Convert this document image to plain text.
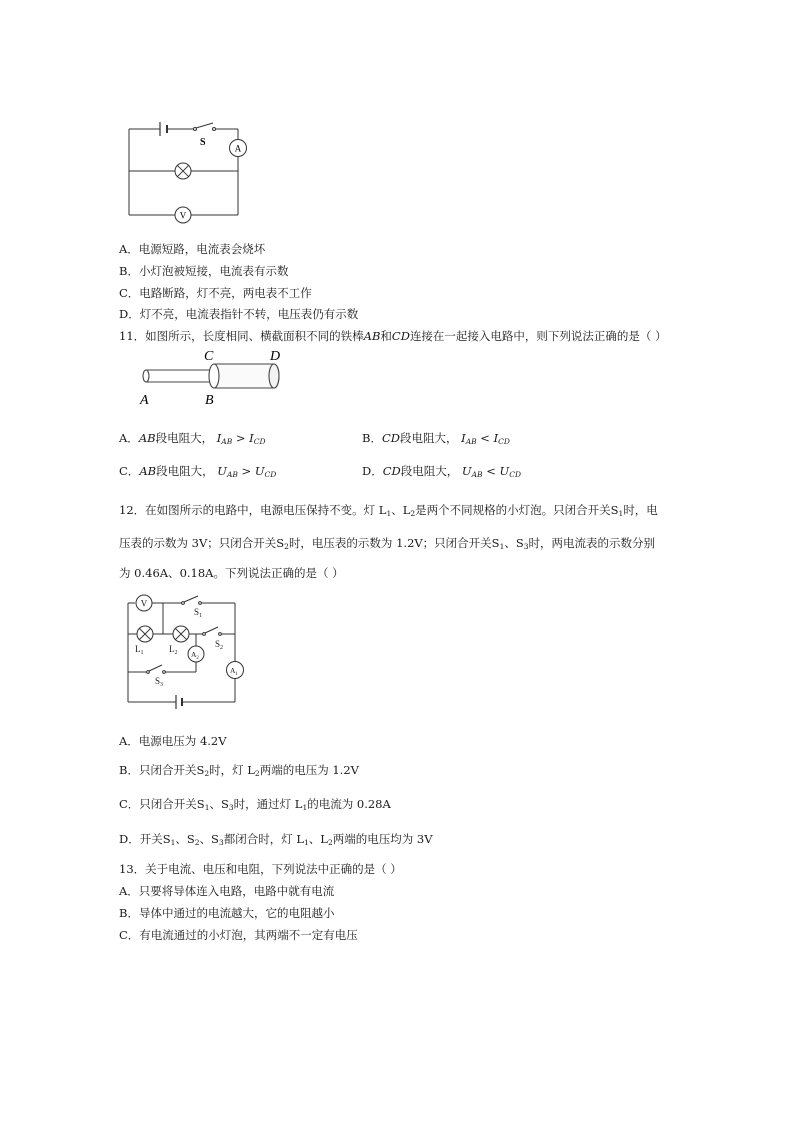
S
A
V
A．电源短路，电流表会烧坏
B．小灯泡被短接，电流表有示数
C．电路断路，灯不亮，两电表不工作
D．灯不亮，电流表指针不转，电压表仍有示数
11．如图所示，长度相同、横截面积不同的铁棒AB和CD连接在一起接入电路中，则下列说法正确的是（ ）
C	D
A	B
A．AB段电阻大， $I_{AB} > I_{CD}$	B．CD段电阻大， $I_{AB} < I_{CD}$
C．AB段电阻大， $U_{AB} > U_{CD}$	D．CD段电阻大， $U_{AB} < U_{CD}$
12．在如图所示的电路中，电源电压保持不变。灯 $L_1$、$L_2$是两个不同规格的小灯泡。只闭合开关$S_1$时，电
压表的示数为 3V；只闭合开关$S_2$时，电压表的示数为 1.2V；只闭合开关$S_1$、$S_3$时，两电流表的示数分别
为 0.46A、0.18A。下列说法正确的是（ ）
V
$S_1$
$S_2$
$S_3$
$L_1$	$L_2$ $A_2$
$A_1$
A．电源电压为 4.2V
B．只闭合开关$S_2$时，灯 $L_2$两端的电压为 1.2V
C．只闭合开关$S_1$、$S_3$时，通过灯 $L_1$的电流为 0.28A
D．开关$S_1$、$S_2$、$S_3$都闭合时，灯 $L_1$、$L_2$两端的电压均为 3V
13．关于电流、电压和电阻，下列说法中正确的是（ ）
A．只要将导体连入电路，电路中就有电流
B．导体中通过的电流越大，它的电阻越小
C．有电流通过的小灯泡，其两端不一定有电压
